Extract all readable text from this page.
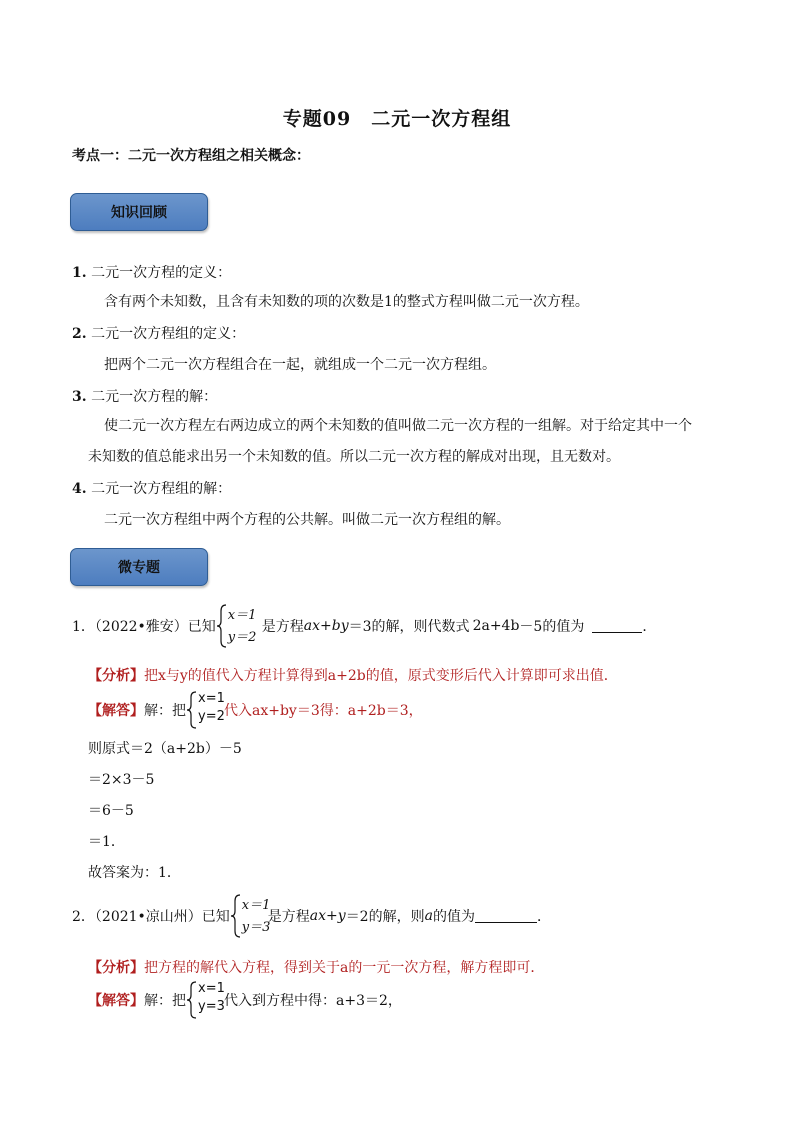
专题09　二元一次方程组
考点一：二元一次方程组之相关概念：
知识回顾
1. 二元一次方程的定义：
含有两个未知数，且含有未知数的项的次数是1的整式方程叫做二元一次方程。
2. 二元一次方程组的定义：
把两个二元一次方程组合在一起，就组成一个二元一次方程组。
3. 二元一次方程的解：
使二元一次方程左右两边成立的两个未知数的值叫做二元一次方程的一组解。对于给定其中一个
未知数的值总能求出另一个未知数的值。所以二元一次方程的解成对出现，且无数对。
4. 二元一次方程组的解：
二元一次方程组中两个方程的公共解。叫做二元一次方程组的解。
微专题
1．（2022•雅安）已知
x＝1
y＝2
是方程 ax+by ＝3的解，则代数式 2a+4b －5的值为	．
【分析】把x与y的值代入方程计算得到a+2b的值，原式变形后代入计算即可求出值．
【解答】 解：把
x=1
y=2 代入ax+by＝3得：a+2b＝3，
则原式＝2（a+2b）－5
＝2×3－5
＝6－5
＝1．
故答案为：1．
2．（2021•凉山州）已知
x＝1
y＝3
是方程 ax+y ＝2的解，则 a 的值为	．
【分析】把方程的解代入方程，得到关于a的一元一次方程，解方程即可．
【解答】 解：把
x=1
y=3 代入到方程中得：a+3＝2，
